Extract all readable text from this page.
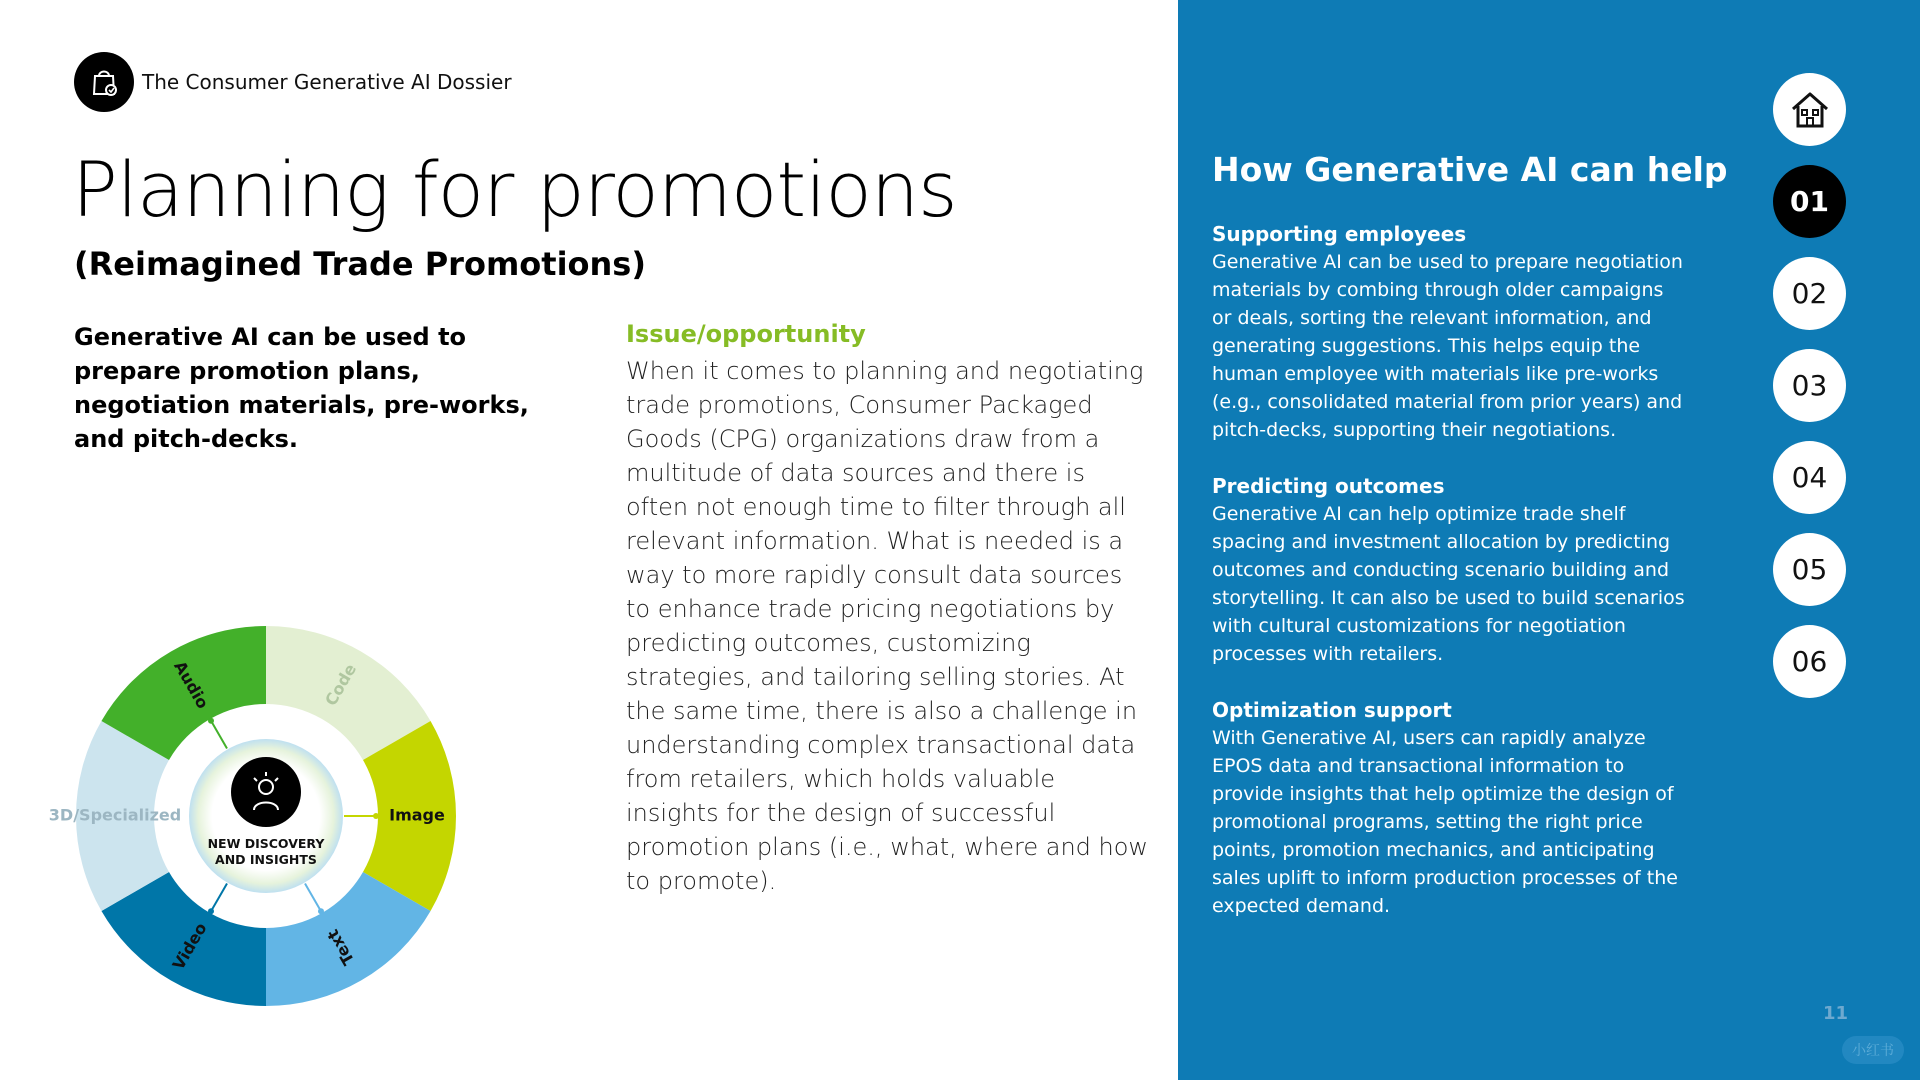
The Consumer Generative AI Dossier
Planning for promotions
(Reimagined Trade Promotions)

Generative AI can be used to prepare promotion plans, negotiation materials, pre-works, and pitch-decks.

Issue/opportunity

When it comes to planning and negotiating trade promotions, Consumer Packaged Goods (CPG) organizations draw from a multitude of data sources and there is often not enough time to filter through all relevant information. What is needed is a way to more rapidly consult data sources to enhance trade pricing negotiations by predicting outcomes, customizing strategies, and tailoring selling stories. At the same time, there is also a challenge in understanding complex transactional data from retailers, which holds valuable insights for the design of successful promotion plans (i.e., what, where and how to promote).

Code
Image
Text
Video
3D/Specialized
Audio
NEW DISCOVERY
AND INSIGHTS
How Generative AI can help
Supporting employees

Generative AI can be used to prepare negotiation materials by combing through older campaigns or deals, sorting the relevant information, and generating suggestions. This helps equip the human employee with materials like pre-works (e.g., consolidated material from prior years) and pitch-decks, supporting their negotiations.

Predicting outcomes

Generative AI can help optimize trade shelf spacing and investment allocation by predicting outcomes and conducting scenario building and storytelling. It can also be used to build scenarios with cultural customizations for negotiation processes with retailers.

Optimization support

With Generative AI, users can rapidly analyze EPOS data and transactional information to provide insights that help optimize the design of promotional programs, setting the right price points, promotion mechanics, and anticipating sales uplift to inform production processes of the expected demand.

01
02
03
04
05
06
11
小红书
